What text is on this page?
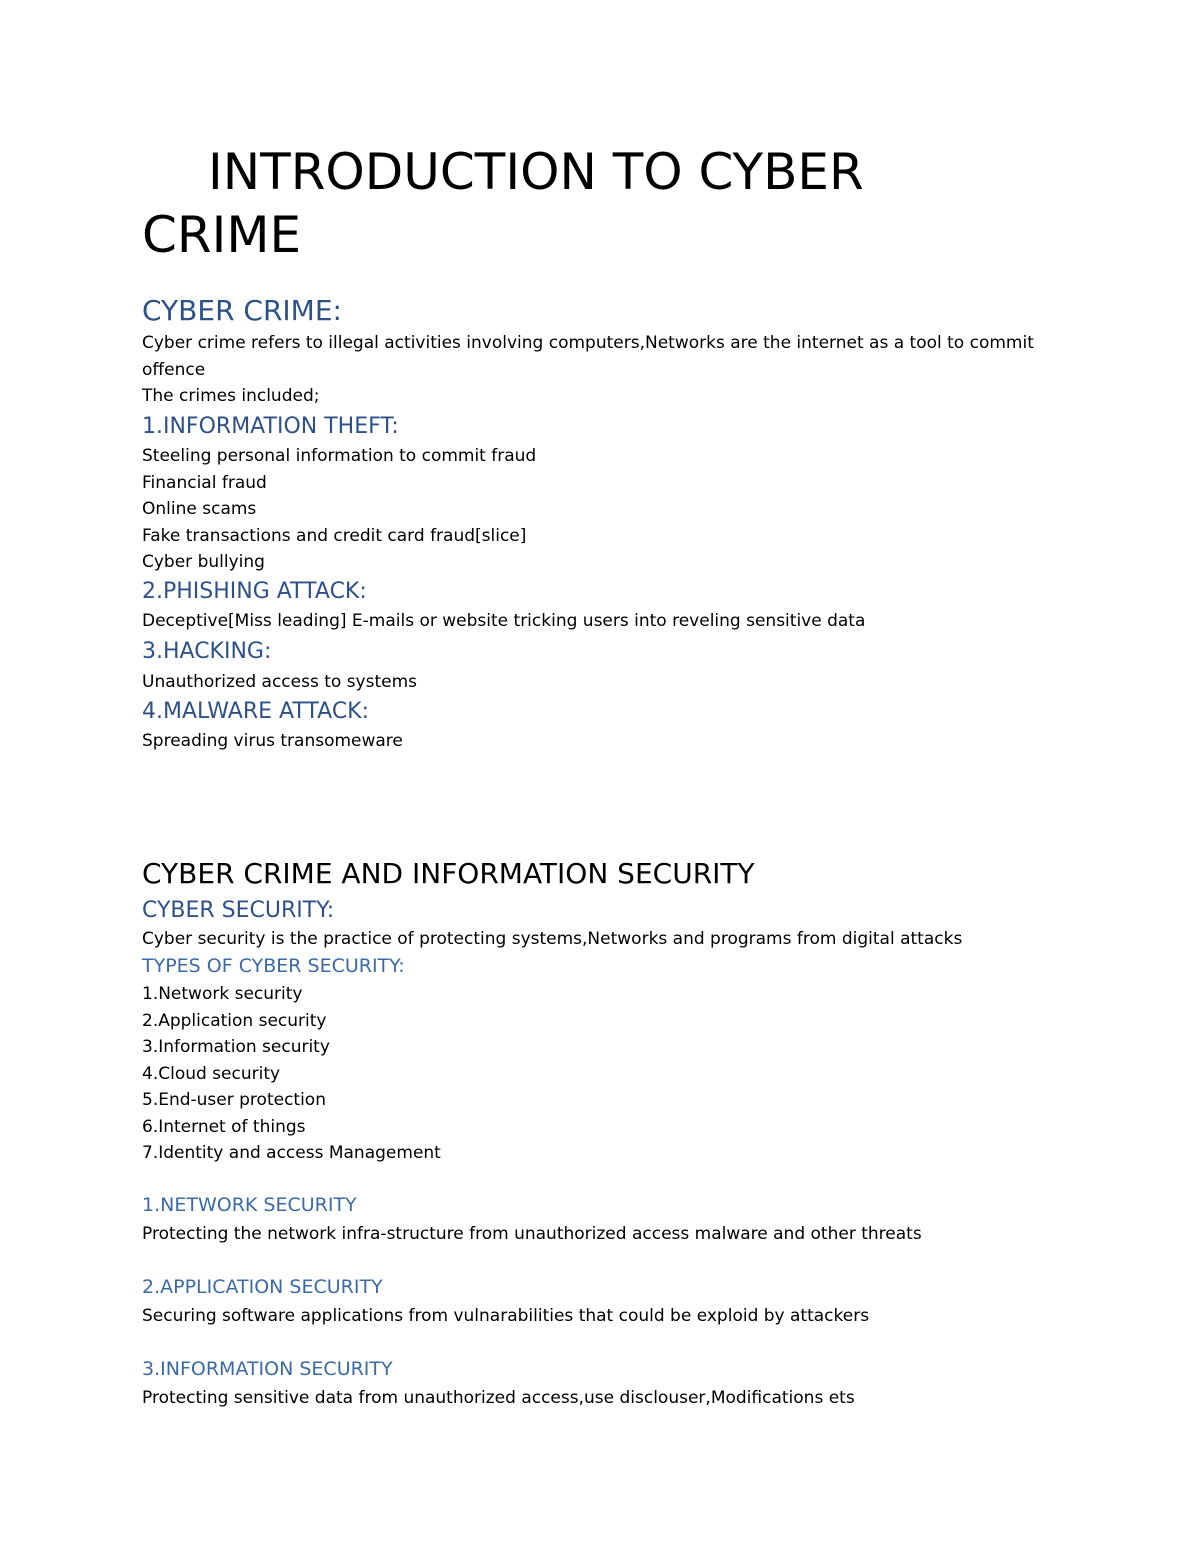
INTRODUCTION TO CYBER
CRIME
CYBER CRIME:
Cyber crime refers to illegal activities involving computers,Networks are the internet as a tool to commit
offence
The crimes included;
1.INFORMATION THEFT:
Steeling personal information to commit fraud
Financial fraud
Online scams
Fake transactions and credit card fraud[slice]
Cyber bullying
2.PHISHING ATTACK:
Deceptive[Miss leading] E-mails or website tricking users into reveling sensitive data
3.HACKING:
Unauthorized access to systems
4.MALWARE ATTACK:
Spreading virus transomeware
CYBER CRIME AND INFORMATION SECURITY
CYBER SECURITY:
Cyber security is the practice of protecting systems,Networks and programs from digital attacks
TYPES OF CYBER SECURITY:
1.Network security
2.Application security
3.Information security
4.Cloud security
5.End-user protection
6.Internet of things
7.Identity and access Management
1.NETWORK SECURITY
Protecting the network infra-structure from unauthorized access malware and other threats
2.APPLICATION SECURITY
Securing software applications from vulnarabilities that could be exploid by attackers
3.INFORMATION SECURITY
Protecting sensitive data from unauthorized access,use disclouser,Modifications ets
